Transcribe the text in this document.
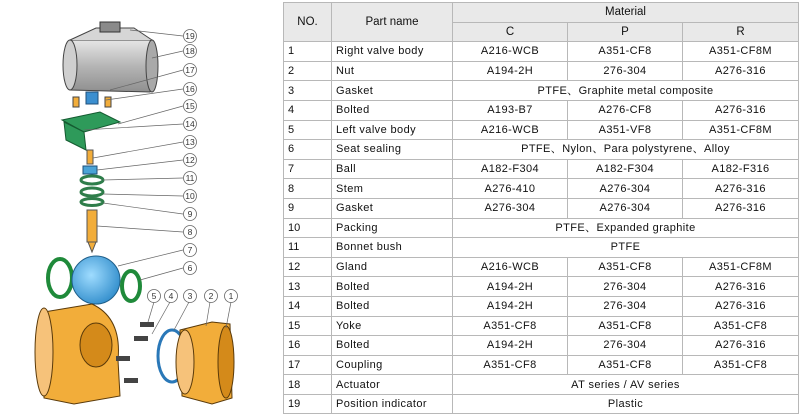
19
18
17
16
15
14
13
12
11
10
9
8
7
6
5 4 3 2 1
NO.	Part name	Material		
		C	P	R
1	Right valve body	A216-WCB	A351-CF8	A351-CF8M
2	Nut	A194-2H	276-304	A276-316
3	Gasket	PTFE、Graphite metal composite		
4	Bolted	A193-B7	A276-CF8	A276-316
5	Left valve body	A216-WCB	A351-VF8	A351-CF8M
6	Seat sealing	PTFE、Nylon、Para polystyrene、Alloy		
7	Ball	A182-F304	A182-F304	A182-F316
8	Stem	A276-410	A276-304	A276-316
9	Gasket	A276-304	A276-304	A276-316
10	Packing	PTFE、Expanded graphite		
11	Bonnet bush	PTFE		
12	Gland	A216-WCB	A351-CF8	A351-CF8M
13	Bolted	A194-2H	276-304	A276-316
14	Bolted	A194-2H	276-304	A276-316
15	Yoke	A351-CF8	A351-CF8	A351-CF8
16	Bolted	A194-2H	276-304	A276-316
17	Coupling	A351-CF8	A351-CF8	A351-CF8
18	Actuator	AT series / AV series		
19	Position indicator	Plastic		
